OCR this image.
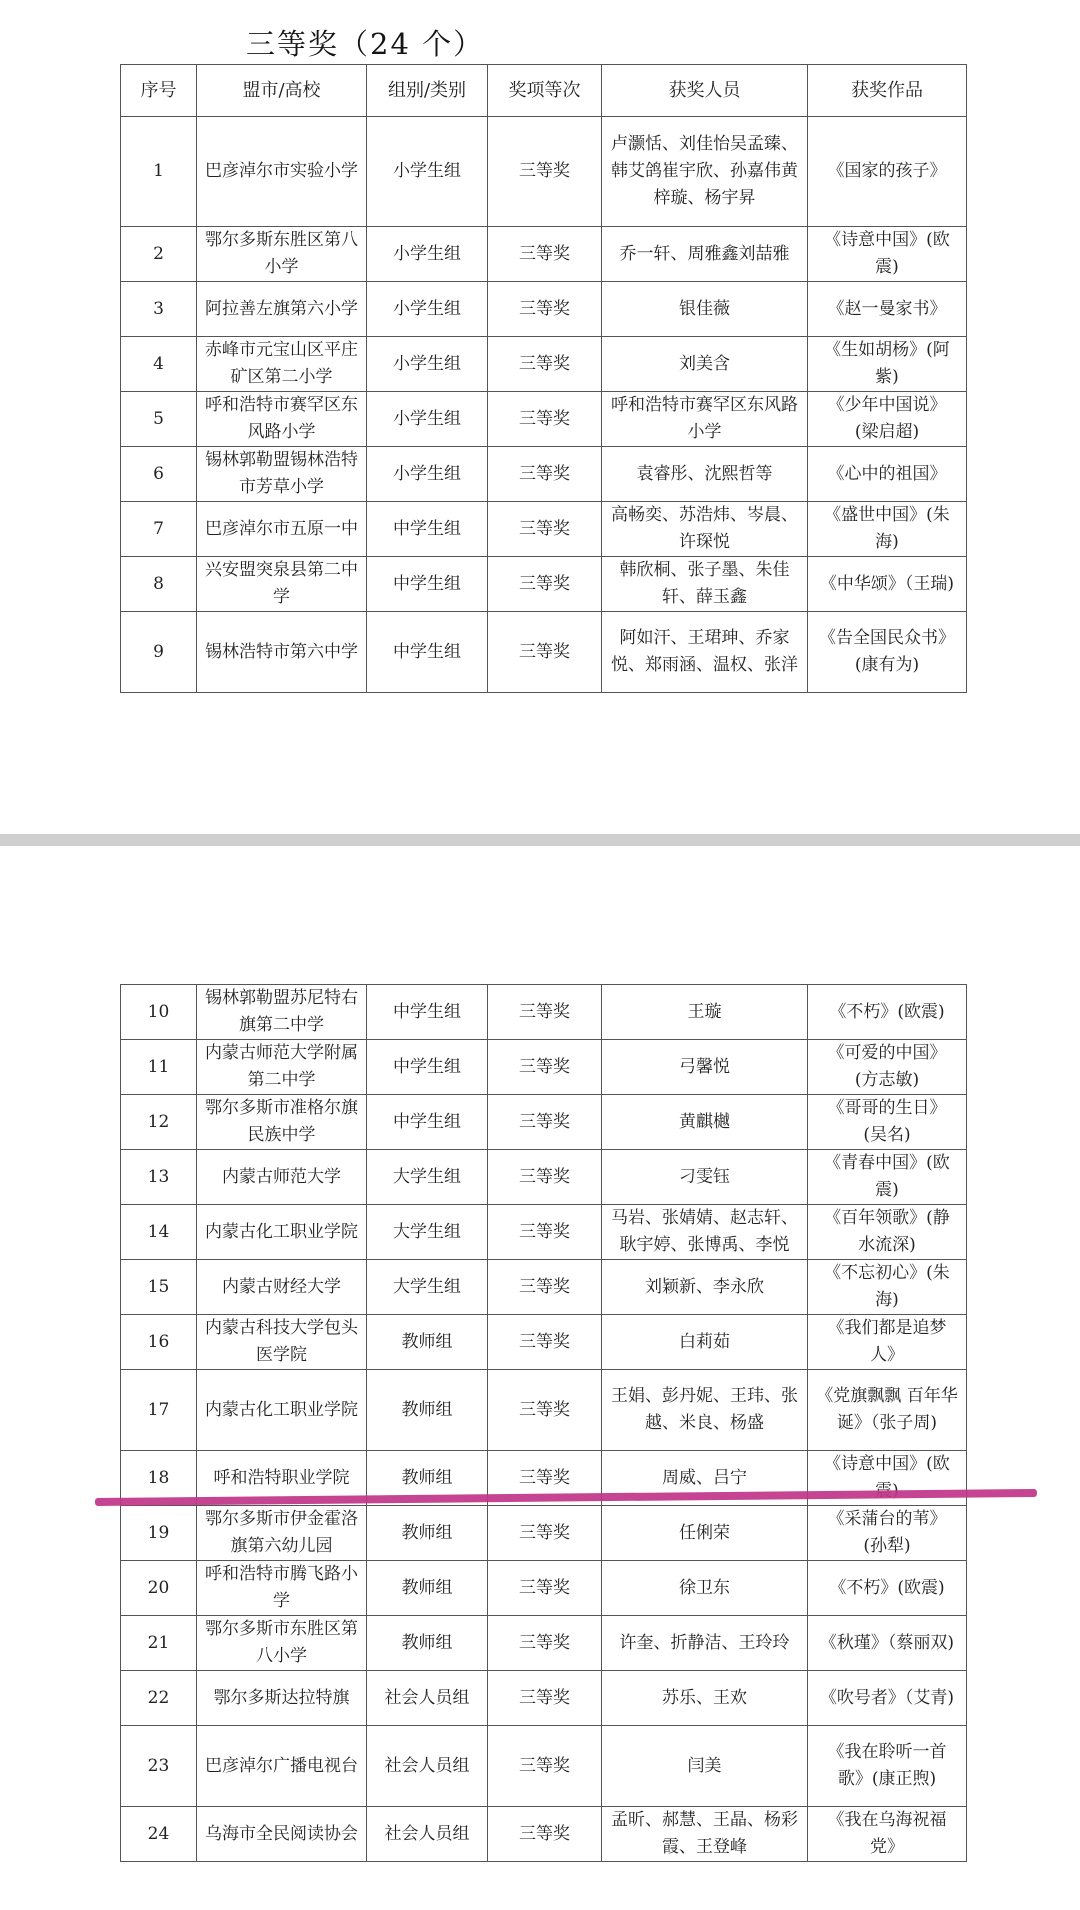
三等奖（24 个）
序号	盟市/高校	组别/类别	奖项等次	获奖人员	获奖作品
1	巴彦淖尔市实验小学	小学生组	三等奖	卢灏恬、刘佳怡吴孟臻、韩艾鸽崔宇欣、孙嘉伟黄梓璇、杨宇昇	《国家的孩子》
2	鄂尔多斯东胜区第八小学	小学生组	三等奖	乔一轩、周雅鑫刘喆雅	《诗意中国》(欧震)
3	阿拉善左旗第六小学	小学生组	三等奖	银佳薇	《赵一曼家书》
4	赤峰市元宝山区平庄矿区第二小学	小学生组	三等奖	刘美含	《生如胡杨》(阿紫)
5	呼和浩特市赛罕区东风路小学	小学生组	三等奖	呼和浩特市赛罕区东风路小学	《少年中国说》(梁启超)
6	锡林郭勒盟锡林浩特市芳草小学	小学生组	三等奖	袁睿彤、沈熙哲等	《心中的祖国》
7	巴彦淖尔市五原一中	中学生组	三等奖	高畅奕、苏浩炜、岑晨、许琛悦	《盛世中国》(朱海)
8	兴安盟突泉县第二中学	中学生组	三等奖	韩欣桐、张子墨、朱佳轩、薛玉鑫	《中华颂》（王瑞)
9	锡林浩特市第六中学	中学生组	三等奖	阿如汗、王珺珅、乔家悦、郑雨涵、温权、张洋	《告全国民众书》(康有为)
10	锡林郭勒盟苏尼特右旗第二中学	中学生组	三等奖	王璇	《不朽》(欧震)
11	内蒙古师范大学附属第二中学	中学生组	三等奖	弓馨悦	《可爱的中国》(方志敏)
12	鄂尔多斯市准格尔旗民族中学	中学生组	三等奖	黄麒樾	《哥哥的生日》(吴名)
13	内蒙古师范大学	大学生组	三等奖	刁雯钰	《青春中国》(欧震)
14	内蒙古化工职业学院	大学生组	三等奖	马岩、张婧婧、赵志轩、耿宇婷、张博禹、李悦	《百年领歌》(静水流深)
15	内蒙古财经大学	大学生组	三等奖	刘颖新、李永欣	《不忘初心》(朱海)
16	内蒙古科技大学包头医学院	教师组	三等奖	白莉茹	《我们都是追梦人》
17	内蒙古化工职业学院	教师组	三等奖	王娟、彭丹妮、王玮、张越、米良、杨盛	《党旗飘飘 百年华诞》（张子周)
18	呼和浩特职业学院	教师组	三等奖	周威、吕宁	《诗意中国》(欧
19	鄂尔多斯市伊金霍洛旗第六幼儿园	教师组	三等奖	任俐荣	《采蒲台的苇》(孙犁)
20	呼和浩特市腾飞路小学	教师组	三等奖	徐卫东	《不朽》(欧震)
21	鄂尔多斯市东胜区第八小学	教师组	三等奖	许奎、折静洁、王玲玲	《秋瑾》（蔡丽双)
22	鄂尔多斯达拉特旗	社会人员组	三等奖	苏乐、王欢	《吹号者》（艾青)
23	巴彦淖尔广播电视台	社会人员组	三等奖	闫美	《我在聆听一首歌》(康正煦)
24	乌海市全民阅读协会	社会人员组	三等奖	孟昕、郝慧、王晶、杨彩霞、王登峰	《我在乌海祝福党》
